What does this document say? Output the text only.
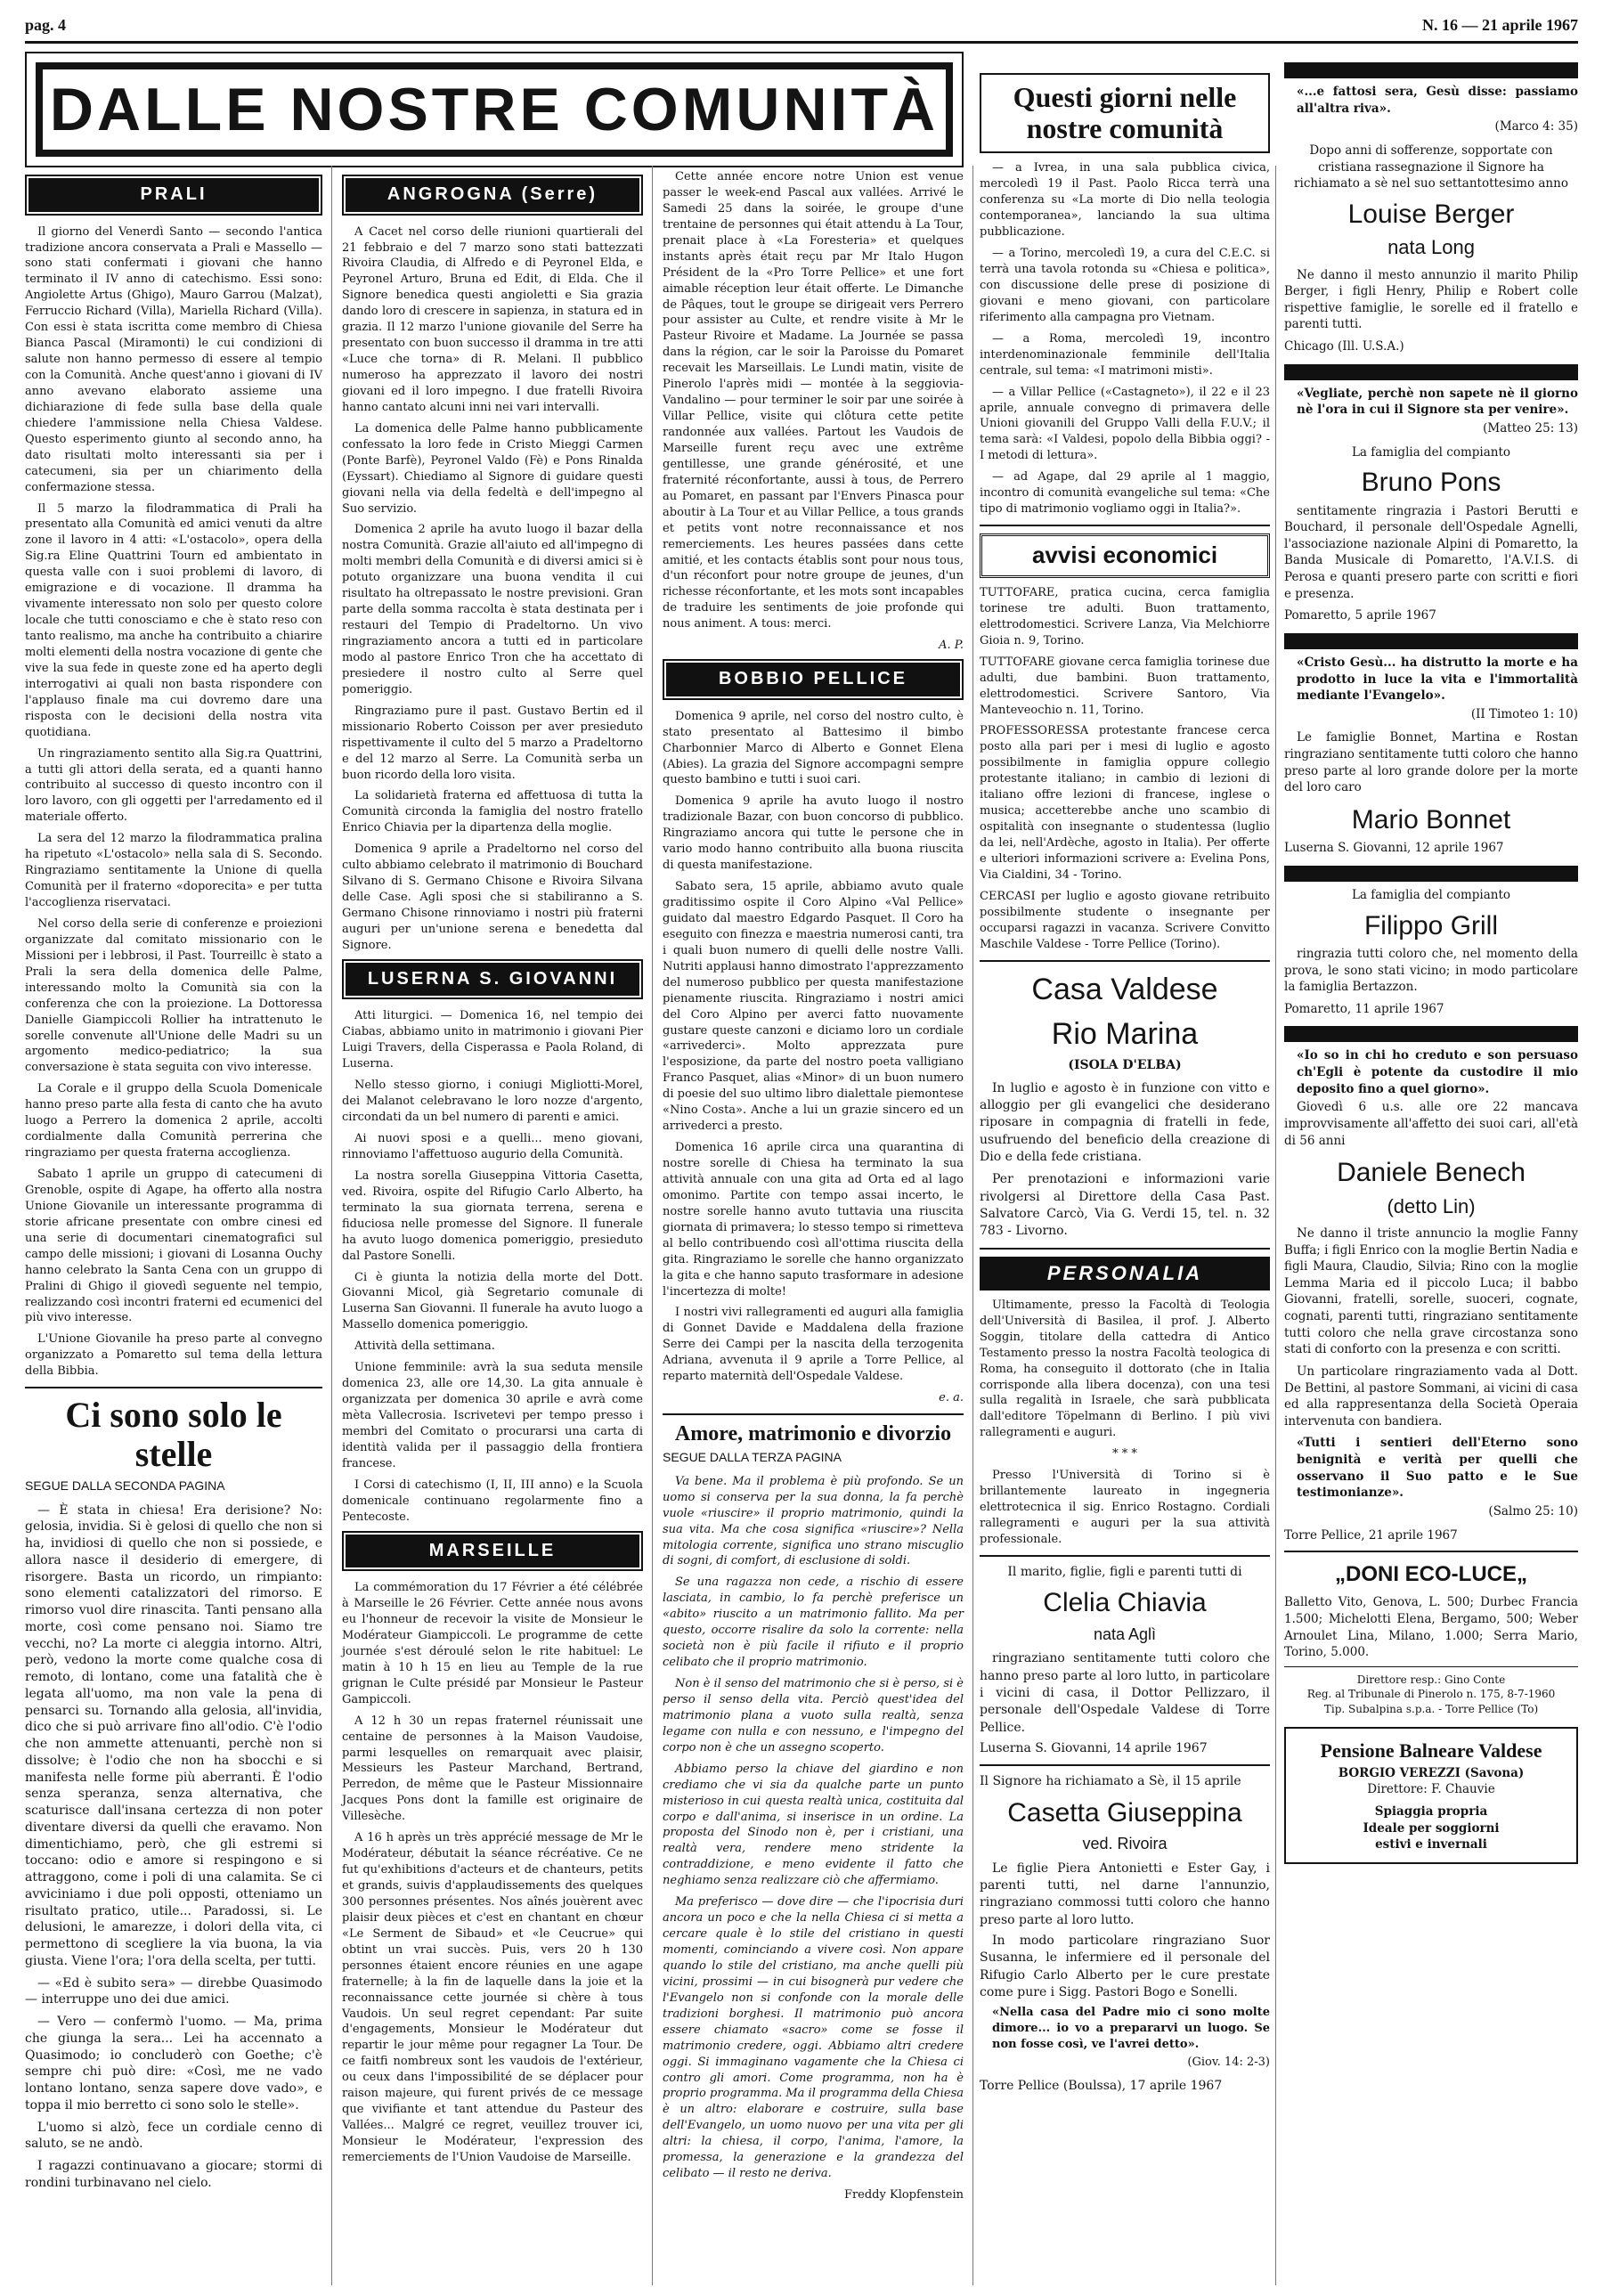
pag. 4	N. 16 — 21 aprile 1967
DALLE NOSTRE COMUNITÀ
PRALI

Il giorno del Venerdì Santo — secondo l'antica tradizione ancora conservata a Prali e Massello — sono stati confermati i giovani che hanno terminato il IV anno di catechismo. Essi sono: Angiolette Artus (Ghigo), Mauro Garrou (Malzat), Ferruccio Richard (Villa), Mariella Richard (Villa). Con essi è stata iscritta come membro di Chiesa Bianca Pascal (Miramonti) le cui condizioni di salute non hanno permesso di essere al tempio con la Comunità. Anche quest'anno i giovani di IV anno avevano elaborato assieme una dichiarazione di fede sulla base della quale chiedere l'ammissione nella Chiesa Valdese. Questo esperimento giunto al secondo anno, ha dato risultati molto interessanti sia per i catecumeni, sia per un chiarimento della confermazione stessa.

Il 5 marzo la filodrammatica di Prali ha presentato alla Comunità ed amici venuti da altre zone il lavoro in 4 atti: «L'ostacolo», opera della Sig.ra Eline Quattrini Tourn ed ambientato in questa valle con i suoi problemi di lavoro, di emigrazione e di vocazione. Il dramma ha vivamente interessato non solo per questo colore locale che tutti conosciamo e che è stato reso con tanto realismo, ma anche ha contribuito a chiarire molti elementi della nostra vocazione di gente che vive la sua fede in queste zone ed ha aperto degli interrogativi ai quali non basta rispondere con l'applauso finale ma cui dovremo dare una risposta con le decisioni della nostra vita quotidiana.

Un ringraziamento sentito alla Sig.ra Quattrini, a tutti gli attori della serata, ed a quanti hanno contribuito al successo di questo incontro con il loro lavoro, con gli oggetti per l'arredamento ed il materiale offerto.

La sera del 12 marzo la filodrammatica pralina ha ripetuto «L'ostacolo» nella sala di S. Secondo. Ringraziamo sentitamente la Unione di quella Comunità per il fraterno «doporecita» e per tutta l'accoglienza riservataci.

Nel corso della serie di conferenze e proiezioni organizzate dal comitato missionario con le Missioni per i lebbrosi, il Past. Tourreillc è stato a Prali la sera della domenica delle Palme, interessando molto la Comunità sia con la conferenza che con la proiezione. La Dottoressa Danielle Giampiccoli Rollier ha intrattenuto le sorelle convenute all'Unione delle Madri su un argomento medico-pediatrico; la sua conversazione è stata seguita con vivo interesse.

La Corale e il gruppo della Scuola Domenicale hanno preso parte alla festa di canto che ha avuto luogo a Perrero la domenica 2 aprile, accolti cordialmente dalla Comunità perrerina che ringraziamo per questa fraterna accoglienza.

Sabato 1 aprile un gruppo di catecumeni di Grenoble, ospite di Agape, ha offerto alla nostra Unione Giovanile un interessante programma di storie africane presentate con ombre cinesi ed una serie di documentari cinematografici sul campo delle missioni; i giovani di Losanna Ouchy hanno celebrato la Santa Cena con un gruppo di Pralini di Ghigo il giovedì seguente nel tempio, realizzando così incontri fraterni ed ecumenici del più vivo interesse.

L'Unione Giovanile ha preso parte al convegno organizzato a Pomaretto sul tema della lettura della Bibbia.

Ci sono solo le stelle
SEGUE DALLA SECONDA PAGINA

— È stata in chiesa! Era derisione? No: gelosia, invidia. Si è gelosi di quello che non si ha, invidiosi di quello che non si possiede, e allora nasce il desiderio di emergere, di risorgere. Basta un ricordo, un rimpianto: sono elementi catalizzatori del rimorso. E rimorso vuol dire rinascita. Tanti pensano alla morte, così come pensano noi. Siamo tre vecchi, no? La morte ci aleggia intorno. Altri, però, vedono la morte come qualche cosa di remoto, di lontano, come una fatalità che è legata all'uomo, ma non vale la pena di pensarci su. Tornando alla gelosia, all'invidia, dico che si può arrivare fino all'odio. C'è l'odio che non ammette attenuanti, perchè non si dissolve; è l'odio che non ha sbocchi e si manifesta nelle forme più aberranti. È l'odio senza speranza, senza alternativa, che scaturisce dall'insana certezza di non poter diventare diversi da quelli che eravamo. Non dimentichiamo, però, che gli estremi si toccano: odio e amore si respingono e si attraggono, come i poli di una calamita. Se ci avviciniamo i due poli opposti, otteniamo un risultato pratico, utile... Paradossi, si. Le delusioni, le amarezze, i dolori della vita, ci permettono di scegliere la via buona, la via giusta. Viene l'ora; l'ora della scelta, per tutti.

— «Ed è subito sera» — direbbe Quasimodo — interruppe uno dei due amici.

— Vero — confermò l'uomo. — Ma, prima che giunga la sera... Lei ha accennato a Quasimodo; io concluderò con Goethe; c'è sempre chi può dire: «Così, me ne vado lontano lontano, senza sapere dove vado», e toppa il mio berretto ci sono solo le stelle».

L'uomo si alzò, fece un cordiale cenno di saluto, se ne andò.

I ragazzi continuavano a giocare; stormi di rondini turbinavano nel cielo.

ANGROGNA (Serre)

A Cacet nel corso delle riunioni quartierali del 21 febbraio e del 7 marzo sono stati battezzati Rivoira Claudia, di Alfredo e di Peyronel Elda, e Peyronel Arturo, Bruna ed Edit, di Elda. Che il Signore benedica questi angioletti e Sia grazia dando loro di crescere in sapienza, in statura ed in grazia. Il 12 marzo l'unione giovanile del Serre ha presentato con buon successo il dramma in tre atti «Luce che torna» di R. Melani. Il pubblico numeroso ha apprezzato il lavoro dei nostri giovani ed il loro impegno. I due fratelli Rivoira hanno cantato alcuni inni nei vari intervalli.

La domenica delle Palme hanno pubblicamente confessato la loro fede in Cristo Mieggi Carmen (Ponte Barfè), Peyronel Valdo (Fè) e Pons Rinalda (Eyssart). Chiediamo al Signore di guidare questi giovani nella via della fedeltà e dell'impegno al Suo servizio.

Domenica 2 aprile ha avuto luogo il bazar della nostra Comunità. Grazie all'aiuto ed all'impegno di molti membri della Comunità e di diversi amici si è potuto organizzare una buona vendita il cui risultato ha oltrepassato le nostre previsioni. Gran parte della somma raccolta è stata destinata per i restauri del Tempio di Pradeltorno. Un vivo ringraziamento ancora a tutti ed in particolare modo al pastore Enrico Tron che ha accettato di presiedere il nostro culto al Serre quel pomeriggio.

Ringraziamo pure il past. Gustavo Bertin ed il missionario Roberto Coisson per aver presieduto rispettivamente il culto del 5 marzo a Pradeltorno e del 12 marzo al Serre. La Comunità serba un buon ricordo della loro visita.

La solidarietà fraterna ed affettuosa di tutta la Comunità circonda la famiglia del nostro fratello Enrico Chiavia per la dipartenza della moglie.

Domenica 9 aprile a Pradeltorno nel corso del culto abbiamo celebrato il matrimonio di Bouchard Silvano di S. Germano Chisone e Rivoira Silvana delle Case. Agli sposi che si stabiliranno a S. Germano Chisone rinnoviamo i nostri più fraterni auguri per un'unione serena e benedetta dal Signore.

LUSERNA S. GIOVANNI

Atti liturgici. — Domenica 16, nel tempio dei Ciabas, abbiamo unito in matrimonio i giovani Pier Luigi Travers, della Cisperassa e Paola Roland, di Luserna.

Nello stesso giorno, i coniugi Migliotti-Morel, dei Malanot celebravano le loro nozze d'argento, circondati da un bel numero di parenti e amici.

Ai nuovi sposi e a quelli... meno giovani, rinnoviamo l'affettuoso augurio della Comunità.

La nostra sorella Giuseppina Vittoria Casetta, ved. Rivoira, ospite del Rifugio Carlo Alberto, ha terminato la sua giornata terrena, serena e fiduciosa nelle promesse del Signore. Il funerale ha avuto luogo domenica pomeriggio, presieduto dal Pastore Sonelli.

Ci è giunta la notizia della morte del Dott. Giovanni Micol, già Segretario comunale di Luserna San Giovanni. Il funerale ha avuto luogo a Massello domenica pomeriggio.

Attività della settimana.

Unione femminile: avrà la sua seduta mensile domenica 23, alle ore 14,30. La gita annuale è organizzata per domenica 30 aprile e avrà come mèta Vallecrosia. Iscrivetevi per tempo presso i membri del Comitato o procurarsi una carta di identità valida per il passaggio della frontiera francese.

I Corsi di catechismo (I, II, III anno) e la Scuola domenicale continuano regolarmente fino a Pentecoste.

MARSEILLE

La commémoration du 17 Février a été célébrée à Marseille le 26 Février. Cette année nous avons eu l'honneur de recevoir la visite de Monsieur le Modérateur Giampiccoli. Le programme de cette journée s'est déroulé selon le rite habituel: Le matin à 10 h 15 en lieu au Temple de la rue grignan le Culte présidé par Monsieur le Pasteur Gampiccoli.

A 12 h 30 un repas fraternel réunissait une centaine de personnes à la Maison Vaudoise, parmi lesquelles on remarquait avec plaisir, Messieurs les Pasteur Marchand, Bertrand, Perredon, de même que le Pasteur Missionnaire Jacques Pons dont la famille est originaire de Villesèche.

A 16 h après un très apprécié message de Mr le Modérateur, débutait la séance récréative. Ce ne fut qu'exhibitions d'acteurs et de chanteurs, petits et grands, suivis d'applaudissements des quelques 300 personnes présentes. Nos aînés jouèrent avec plaisir deux pièces et c'est en chantant en chœur «Le Serment de Sibaud» et «le Ceucrue» qui obtint un vrai succès. Puis, vers 20 h 130 personnes étaient encore réunies en une agape fraternelle; à la fin de laquelle dans la joie et la reconnaissance cette journée si chère à tous Vaudois. Un seul regret cependant: Par suite d'engagements, Monsieur le Modérateur dut repartir le jour même pour regagner La Tour. De ce faitfi nombreux sont les vaudois de l'extérieur, ou ceux dans l'impossibilité de se déplacer pour raison majeure, qui furent privés de ce message que vivifiante et tant attendue du Pasteur des Vallées... Malgré ce regret, veuillez trouver ici, Monsieur le Modérateur, l'expression des remerciements de l'Union Vaudoise de Marseille.

Cette année encore notre Union est venue passer le week-end Pascal aux vallées. Arrivé le Samedi 25 dans la soirée, le groupe d'une trentaine de personnes qui était attendu à La Tour, prenait place à «La Foresteria» et quelques instants après était reçu par Mr Italo Hugon Président de la «Pro Torre Pellice» et une fort aimable réception leur était offerte. Le Dimanche de Pâques, tout le groupe se dirigeait vers Perrero pour assister au Culte, et rendre visite à Mr le Pasteur Rivoire et Madame. La Journée se passa dans la région, car le soir la Paroisse du Pomaret recevait les Marseillais. Le Lundi matin, visite de Pinerolo l'après midi — montée à la seggiovia-Vandalino — pour terminer le soir par une soirée à Villar Pellice, visite qui clôtura cette petite randonnée aux vallées. Partout les Vaudois de Marseille furent reçu avec une extrême gentillesse, une grande générosité, et une fraternité réconfortante, aussi à tous, de Perrero au Pomaret, en passant par l'Envers Pinasca pour aboutir à La Tour et au Villar Pellice, a tous grands et petits vont notre reconnaissance et nos remerciements. Les heures passées dans cette amitié, et les contacts établis sont pour nous tous, d'un réconfort pour notre groupe de jeunes, d'un richesse réconfortante, et les mots sont incapables de traduire les sentiments de joie profonde qui nous animent. A tous: merci.

A. P.
BOBBIO PELLICE

Domenica 9 aprile, nel corso del nostro culto, è stato presentato al Battesimo il bimbo Charbonnier Marco di Alberto e Gonnet Elena (Abies). La grazia del Signore accompagni sempre questo bambino e tutti i suoi cari.

Domenica 9 aprile ha avuto luogo il nostro tradizionale Bazar, con buon concorso di pubblico. Ringraziamo ancora qui tutte le persone che in vario modo hanno contribuito alla buona riuscita di questa manifestazione.

Sabato sera, 15 aprile, abbiamo avuto quale graditissimo ospite il Coro Alpino «Val Pellice» guidato dal maestro Edgardo Pasquet. Il Coro ha eseguito con finezza e maestria numerosi canti, tra i quali buon numero di quelli delle nostre Valli. Nutriti applausi hanno dimostrato l'apprezzamento del numeroso pubblico per questa manifestazione pienamente riuscita. Ringraziamo i nostri amici del Coro Alpino per averci fatto nuovamente gustare queste canzoni e diciamo loro un cordiale «arrivederci». Molto apprezzata pure l'esposizione, da parte del nostro poeta valligiano Franco Pasquet, alias «Minor» di un buon numero di poesie del suo ultimo libro dialettale piemontese «Nino Costa». Anche a lui un grazie sincero ed un arrivederci a presto.

Domenica 16 aprile circa una quarantina di nostre sorelle di Chiesa ha terminato la sua attività annuale con una gita ad Orta ed al lago omonimo. Partite con tempo assai incerto, le nostre sorelle hanno avuto tuttavia una riuscita giornata di primavera; lo stesso tempo si rimetteva al bello contribuendo così all'ottima riuscita della gita. Ringraziamo le sorelle che hanno organizzato la gita e che hanno saputo trasformare in adesione l'incertezza di molte!

I nostri vivi rallegramenti ed auguri alla famiglia di Gonnet Davide e Maddalena della frazione Serre dei Campi per la nascita della terzogenita Adriana, avvenuta il 9 aprile a Torre Pellice, al reparto maternità dell'Ospedale Valdese.

e. a.
Amore, matrimonio e divorzio
SEGUE DALLA TERZA PAGINA

Va bene. Ma il problema è più profondo. Se un uomo si conserva per la sua donna, la fa perchè vuole «riuscire» il proprio matrimonio, quindi la sua vita. Ma che cosa significa «riuscire»? Nella mitologia corrente, significa uno strano miscuglio di sogni, di comfort, di esclusione di soldi.

Se una ragazza non cede, a rischio di essere lasciata, in cambio, lo fa perchè preferisce un «abito» riuscito a un matrimonio fallito. Ma per questo, occorre risalire da solo la corrente: nella società non è più facile il rifiuto e il proprio celibato che il proprio matrimonio.

Non è il senso del matrimonio che si è perso, si è perso il senso della vita. Perciò quest'idea del matrimonio plana a vuoto sulla realtà, senza legame con nulla e con nessuno, e l'impegno del corpo non è che un assegno scoperto.

Abbiamo perso la chiave del giardino e non crediamo che vi sia da qualche parte un punto misterioso in cui questa realtà unica, costituita dal corpo e dall'anima, si inserisce in un ordine. La proposta del Sinodo non è, per i cristiani, una realtà vera, rendere meno stridente la contraddizione, e meno evidente il fatto che neghiamo senza realizzare ciò che affermiamo.

Ma preferisco — dove dire — che l'ipocrisia duri ancora un poco e che la nella Chiesa ci si metta a cercare quale è lo stile del cristiano in questi momenti, cominciando a vivere così. Non appare quando lo stile del cristiano, ma anche quelli più vicini, prossimi — in cui bisognerà pur vedere che l'Evangelo non si confonde con la morale delle tradizioni borghesi. Il matrimonio può ancora essere chiamato «sacro» come se fosse il matrimonio credere, oggi. Abbiamo altri credere oggi. Si immaginano vagamente che la Chiesa ci contro gli amori. Come programma, non ha è proprio programma. Ma il programma della Chiesa è un altro: elaborare e costruire, sulla base dell'Evangelo, un uomo nuovo per una vita per gli altri: la chiesa, il corpo, l'anima, l'amore, la promessa, la generazione e la grandezza del celibato — il resto ne deriva.

Freddy Klopfenstein
Questi giorni nelle nostre comunità

— a Ivrea, in una sala pubblica civica, mercoledì 19 il Past. Paolo Ricca terrà una conferenza su «La morte di Dio nella teologia contemporanea», lanciando la sua ultima pubblicazione.

— a Torino, mercoledì 19, a cura del C.E.C. si terrà una tavola rotonda su «Chiesa e politica», con discussione delle prese di posizione di giovani e meno giovani, con particolare riferimento alla campagna pro Vietnam.

— a Roma, mercoledì 19, incontro interdenominazionale femminile dell'Italia centrale, sul tema: «I matrimoni misti».

— a Villar Pellice («Castagneto»), il 22 e il 23 aprile, annuale convegno di primavera delle Unioni giovanili del Gruppo Valli della F.U.V.; il tema sarà: «I Valdesi, popolo della Bibbia oggi? - I metodi di lettura».

— ad Agape, dal 29 aprile al 1 maggio, incontro di comunità evangeliche sul tema: «Che tipo di matrimonio vogliamo oggi in Italia?».

avvisi economici

TUTTOFARE, pratica cucina, cerca famiglia torinese tre adulti. Buon trattamento, elettrodomestici. Scrivere Lanza, Via Melchiorre Gioia n. 9, Torino.

TUTTOFARE giovane cerca famiglia torinese due adulti, due bambini. Buon trattamento, elettrodomestici. Scrivere Santoro, Via Manteveochio n. 11, Torino.

PROFESSORESSA protestante francese cerca posto alla pari per i mesi di luglio e agosto possibilmente in famiglia oppure collegio protestante italiano; in cambio di lezioni di italiano offre lezioni di francese, inglese o musica; accetterebbe anche uno scambio di ospitalità con insegnante o studentessa (luglio da lei, nell'Ardèche, agosto in Italia). Per offerte e ulteriori informazioni scrivere a: Evelina Pons, Via Cialdini, 34 - Torino.

CERCASI per luglio e agosto giovane retribuito possibilmente studente o insegnante per occuparsi ragazzi in vacanza. Scrivere Convitto Maschile Valdese - Torre Pellice (Torino).

Casa Valdese
Rio Marina
(ISOLA D'ELBA)

In luglio e agosto è in funzione con vitto e alloggio per gli evangelici che desiderano riposare in compagnia di fratelli in fede, usufruendo del beneficio della creazione di Dio e della fede cristiana.

Per prenotazioni e informazioni varie rivolgersi al Direttore della Casa Past. Salvatore Carcò, Via G. Verdi 15, tel. n. 32 783 - Livorno.

PERSONALIA

Ultimamente, presso la Facoltà di Teologia dell'Università di Basilea, il prof. J. Alberto Soggin, titolare della cattedra di Antico Testamento presso la nostra Facoltà teologica di Roma, ha conseguito il dottorato (che in Italia corrisponde alla libera docenza), con una tesi sulla regalità in Israele, che sarà pubblicata dall'editore Töpelmann di Berlino. I più vivi rallegramenti e auguri.

* * *

Presso l'Università di Torino si è brillantemente laureato in ingegneria elettrotecnica il sig. Enrico Rostagno. Cordiali rallegramenti e auguri per la sua attività professionale.

Il marito, figlie, figli e parenti tutti di
Clelia Chiavia
nata Aglì

ringraziano sentitamente tutti coloro che hanno preso parte al loro lutto, in particolare i vicini di casa, il Dottor Pellizzaro, il personale dell'Ospedale Valdese di Torre Pellice.

Luserna S. Giovanni, 14 aprile 1967
Il Signore ha richiamato a Sè, il 15 aprile
Casetta Giuseppina
ved. Rivoira

Le figlie Piera Antonietti e Ester Gay, i parenti tutti, nel darne l'annunzio, ringraziano commossi tutti coloro che hanno preso parte al loro lutto.

In modo particolare ringraziano Suor Susanna, le infermiere ed il personale del Rifugio Carlo Alberto per le cure prestate come pure i Sigg. Pastori Bogo e Sonelli.

«Nella casa del Padre mio ci sono molte dimore... io vo a prepararvi un luogo. Se non fosse così, ve l'avrei detto».
(Giov. 14: 2-3)
Torre Pellice (Boulssa), 17 aprile 1967
«...e fattosi sera, Gesù disse: passiamo all'altra riva».
(Marco 4: 35)

Dopo anni di sofferenze, sopportate con cristiana rassegnazione il Signore ha richiamato a sè nel suo settantottesimo anno

Louise Berger
nata Long

Ne danno il mesto annunzio il marito Philip Berger, i figli Henry, Philip e Robert colle rispettive famiglie, le sorelle ed il fratello e parenti tutti.

Chicago (Ill. U.S.A.)
«Vegliate, perchè non sapete nè il giorno nè l'ora in cui il Signore sta per venire».
(Matteo 25: 13)
La famiglia del compianto
Bruno Pons

sentitamente ringrazia i Pastori Berutti e Bouchard, il personale dell'Ospedale Agnelli, l'associazione nazionale Alpini di Pomaretto, la Banda Musicale di Pomaretto, l'A.V.I.S. di Perosa e quanti presero parte con scritti e fiori e presenza.

Pomaretto, 5 aprile 1967
«Cristo Gesù... ha distrutto la morte e ha prodotto in luce la vita e l'immortalità mediante l'Evangelo».
(II Timoteo 1: 10)

Le famiglie Bonnet, Martina e Rostan ringraziano sentitamente tutti coloro che hanno preso parte al loro grande dolore per la morte del loro caro

Mario Bonnet
Luserna S. Giovanni, 12 aprile 1967
La famiglia del compianto
Filippo Grill

ringrazia tutti coloro che, nel momento della prova, le sono stati vicino; in modo particolare la famiglia Bertazzon.

Pomaretto, 11 aprile 1967
«Io so in chi ho creduto e son persuaso ch'Egli è potente da custodire il mio deposito fino a quel giorno».

Giovedì 6 u.s. alle ore 22 mancava improvvisamente all'affetto dei suoi cari, all'età di 56 anni

Daniele Benech
(detto Lin)

Ne danno il triste annuncio la moglie Fanny Buffa; i figli Enrico con la moglie Bertin Nadia e figli Maura, Claudio, Silvia; Rino con la moglie Lemma Maria ed il piccolo Luca; il babbo Giovanni, fratelli, sorelle, suoceri, cognate, cognati, parenti tutti, ringraziano sentitamente tutti coloro che nella grave circostanza sono stati di conforto con la presenza e con scritti.

Un particolare ringraziamento vada al Dott. De Bettini, al pastore Sommani, ai vicini di casa ed alla rappresentanza della Società Operaia intervenuta con bandiera.

«Tutti i sentieri dell'Eterno sono benignità e verità per quelli che osservano il Suo patto e le Sue testimonianze».
(Salmo 25: 10)
Torre Pellice, 21 aprile 1967
„DONI ECO-LUCE„

Balletto Vito, Genova, L. 500; Durbec Francia 1.500; Michelotti Elena, Bergamo, 500; Weber Arnoulet Lina, Milano, 1.000; Serra Mario, Torino, 5.000.

Direttore resp.: Gino Conte
Reg. al Tribunale di Pinerolo n. 175, 8-7-1960
Tip. Subalpina s.p.a. - Torre Pellice (To)
Pensione Balneare Valdese
BORGIO VEREZZI (Savona)
Direttore: F. Chauvie
Spiaggia propria
Ideale per soggiorni
estivi e invernali
